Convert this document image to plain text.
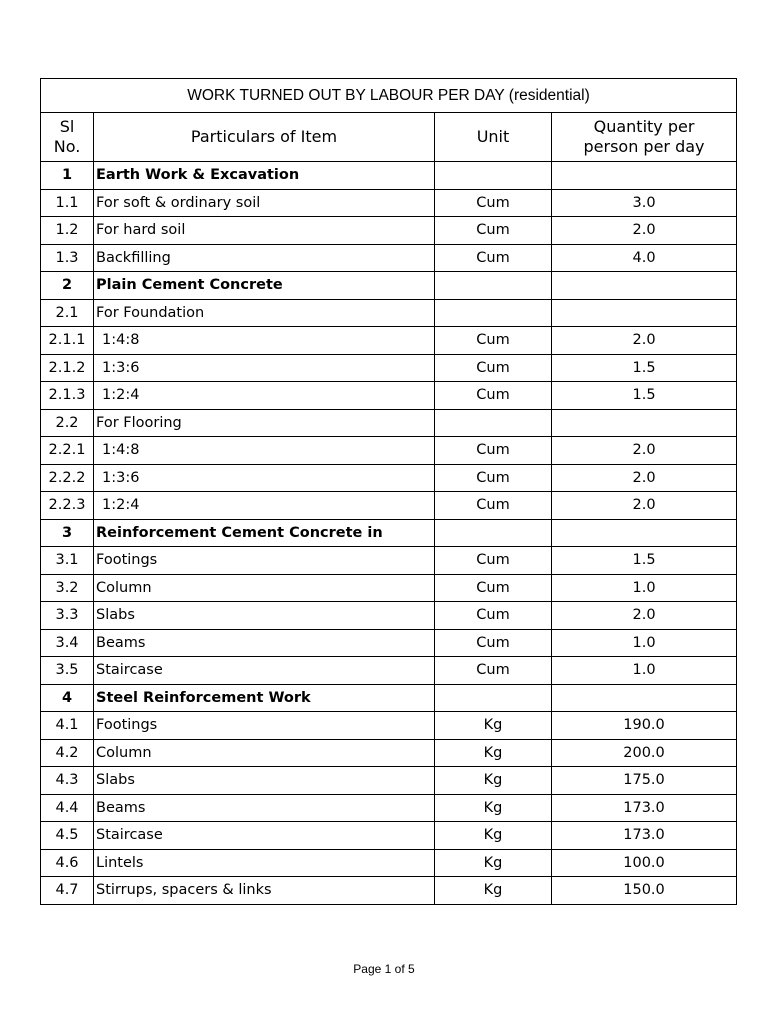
WORK TURNED OUT BY LABOUR PER DAY (residential)			
Sl No.	Particulars of Item	Unit	Quantity per person per day
1	Earth Work & Excavation		
1.1	For soft & ordinary soil	Cum	3.0
1.2	For hard soil	Cum	2.0
1.3	Backfilling	Cum	4.0
2	Plain Cement Concrete		
2.1	For Foundation		
2.1.1	1:4:8	Cum	2.0
2.1.2	1:3:6	Cum	1.5
2.1.3	1:2:4	Cum	1.5
2.2	For Flooring		
2.2.1	1:4:8	Cum	2.0
2.2.2	1:3:6	Cum	2.0
2.2.3	1:2:4	Cum	2.0
3	Reinforcement Cement Concrete in		
3.1	Footings	Cum	1.5
3.2	Column	Cum	1.0
3.3	Slabs	Cum	2.0
3.4	Beams	Cum	1.0
3.5	Staircase	Cum	1.0
4	Steel Reinforcement Work		
4.1	Footings	Kg	190.0
4.2	Column	Kg	200.0
4.3	Slabs	Kg	175.0
4.4	Beams	Kg	173.0
4.5	Staircase	Kg	173.0
4.6	Lintels	Kg	100.0
4.7	Stirrups, spacers & links	Kg	150.0
Page 1 of 5
